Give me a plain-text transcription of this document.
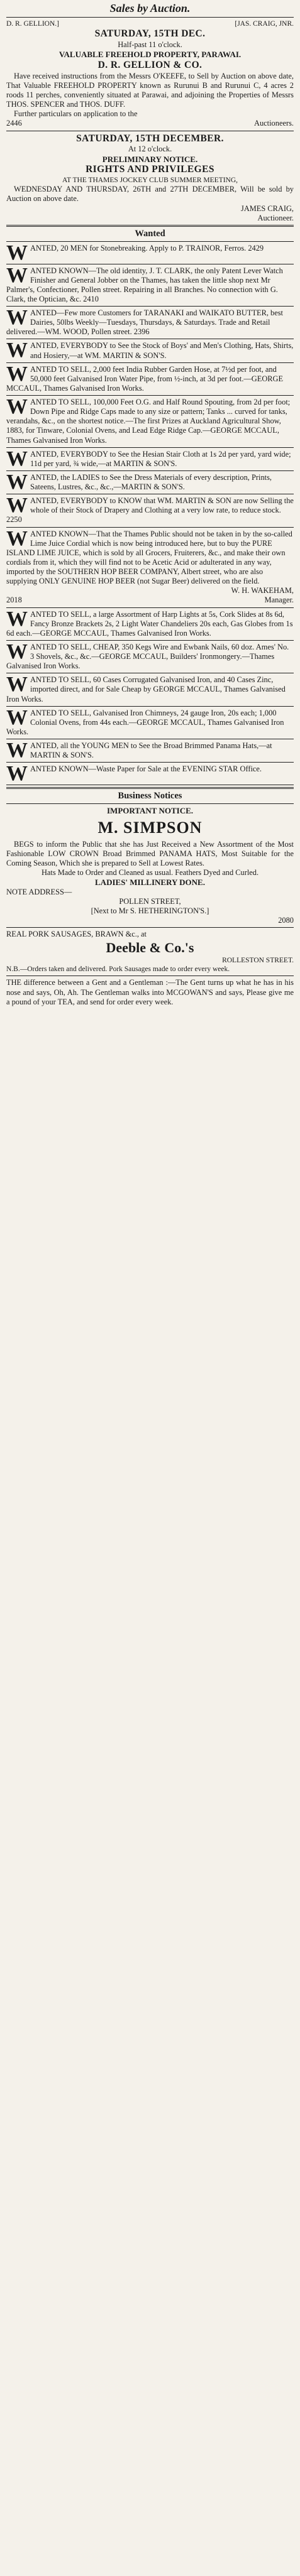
Sales by Auction.
D. R. GELLION.]	[JAS. CRAIG, JNR.
SATURDAY, 15TH DEC.
Half-past 11 o'clock.
VALUABLE FREEHOLD PROPERTY, PARAWAI.
D. R. GELLION & CO.

Have received instructions from the Messrs O'KEEFE, to Sell by Auction on above date, That Valuable FREEHOLD PROPERTY known as Rurunui B and Rurunui C, 4 acres 2 roods 11 perches, conveniently situated at Parawai, and adjoining the Properties of Messrs THOS. SPENCER and THOS. DUFF.

Further particulars on application to the

2446	Auctioneers.
SATURDAY, 15TH DECEMBER.
At 12 o'clock.
PRELIMINARY NOTICE.
RIGHTS AND PRIVILEGES
AT THE THAMES JOCKEY CLUB SUMMER MEETING,

WEDNESDAY AND THURSDAY, 26TH and 27TH DECEMBER, Will be sold by Auction on above date.

JAMES CRAIG,
Auctioneer.
Wanted
WANTED, 20 MEN for Stonebreaking. Apply to P. TRAINOR, Ferros. 2429
WANTED KNOWN—The old identity, J. T. CLARK, the only Patent Lever Watch Finisher and General Jobber on the Thames, has taken the little shop next Mr Palmer's, Confectioner, Pollen street. Repairing in all Branches. No connection with G. Clark, the Optician, &c. 2410
WANTED—Few more Customers for TARANAKI and WAIKATO BUTTER, best Dairies, 50lbs Weekly—Tuesdays, Thursdays, & Saturdays. Trade and Retail delivered.—WM. WOOD, Pollen street. 2396
WANTED, EVERYBODY to See the Stock of Boys' and Men's Clothing, Hats, Shirts, and Hosiery,—at WM. MARTIN & SON'S.
WANTED TO SELL, 2,000 feet India Rubber Garden Hose, at 7½d per foot, and 50,000 feet Galvanised Iron Water Pipe, from ½-inch, at 3d per foot.—GEORGE MCCAUL, Thames Galvanised Iron Works.
WANTED TO SELL, 100,000 Feet O.G. and Half Round Spouting, from 2d per foot; Down Pipe and Ridge Caps made to any size or pattern; Tanks ... curved for tanks, verandahs, &c., on the shortest notice.—The first Prizes at Auckland Agricultural Show, 1883, for Tinware, Colonial Ovens, and Lead Edge Ridge Cap.—GEORGE MCCAUL, Thames Galvanised Iron Works.
WANTED, EVERYBODY to See the Hesian Stair Cloth at 1s 2d per yard, yard wide; 11d per yard, ¾ wide,—at MARTIN & SON'S.
WANTED, the LADIES to See the Dress Materials of every description, Prints, Sateens, Lustres, &c., &c.,—MARTIN & SON'S.
WANTED, EVERYBODY to KNOW that WM. MARTIN & SON are now Selling the whole of their Stock of Drapery and Clothing at a very low rate, to reduce stock. 2250
WANTED KNOWN—That the Thames Public should not be taken in by the so-called Lime Juice Cordial which is now being introduced here, but to buy the PURE ISLAND LIME JUICE, which is sold by all Grocers, Fruiterers, &c., and make their own cordials from it, which they will find not to be Acetic Acid or adulterated in any way, imported by the SOUTHERN HOP BEER COMPANY, Albert street, who are also supplying ONLY GENUINE HOP BEER (not Sugar Beer) delivered on the field.
W. H. WAKEHAM,
2018	Manager.
WANTED TO SELL, a large Assortment of Harp Lights at 5s, Cork Slides at 8s 6d, Fancy Bronze Brackets 2s, 2 Light Water Chandeliers 20s each, Gas Globes from 1s 6d each.—GEORGE MCCAUL, Thames Galvanised Iron Works.
WANTED TO SELL, CHEAP, 350 Kegs Wire and Ewbank Nails, 60 doz. Ames' No. 3 Shovels, &c., &c.—GEORGE MCCAUL, Builders' Ironmongery.—Thames Galvanised Iron Works.
WANTED TO SELL, 60 Cases Corrugated Galvanised Iron, and 40 Cases Zinc, imported direct, and for Sale Cheap by GEORGE MCCAUL, Thames Galvanised Iron Works.
WANTED TO SELL, Galvanised Iron Chimneys, 24 gauge Iron, 20s each; 1,000 Colonial Ovens, from 44s each.—GEORGE MCCAUL, Thames Galvanised Iron Works.
WANTED, all the YOUNG MEN to See the Broad Brimmed Panama Hats,—at MARTIN & SON'S.
WANTED KNOWN—Waste Paper for Sale at the EVENING STAR Office.
Business Notices
IMPORTANT NOTICE.
M. SIMPSON

BEGS to inform the Public that she has Just Received a New Assortment of the Most Fashionable LOW CROWN Broad Brimmed PANAMA HATS, Most Suitable for the Coming Season, Which she is prepared to Sell at Lowest Rates.

Hats Made to Order and Cleaned as usual. Feathers Dyed and Curled.

LADIES' MILLINERY DONE.

NOTE ADDRESS—

POLLEN STREET,

[Next to Mr S. HETHERINGTON'S.]

2080

REAL PORK SAUSAGES, BRAWN &c., at

Deeble & Co.'s

ROLLESTON STREET.

N.B.—Orders taken and delivered. Pork Sausages made to order every week.

THE difference between a Gent and a Gentleman :—The Gent turns up what he has in his nose and says, Oh, Ah. The Gentleman walks into MCGOWAN'S and says, Please give me a pound of your TEA, and send for order every week.
